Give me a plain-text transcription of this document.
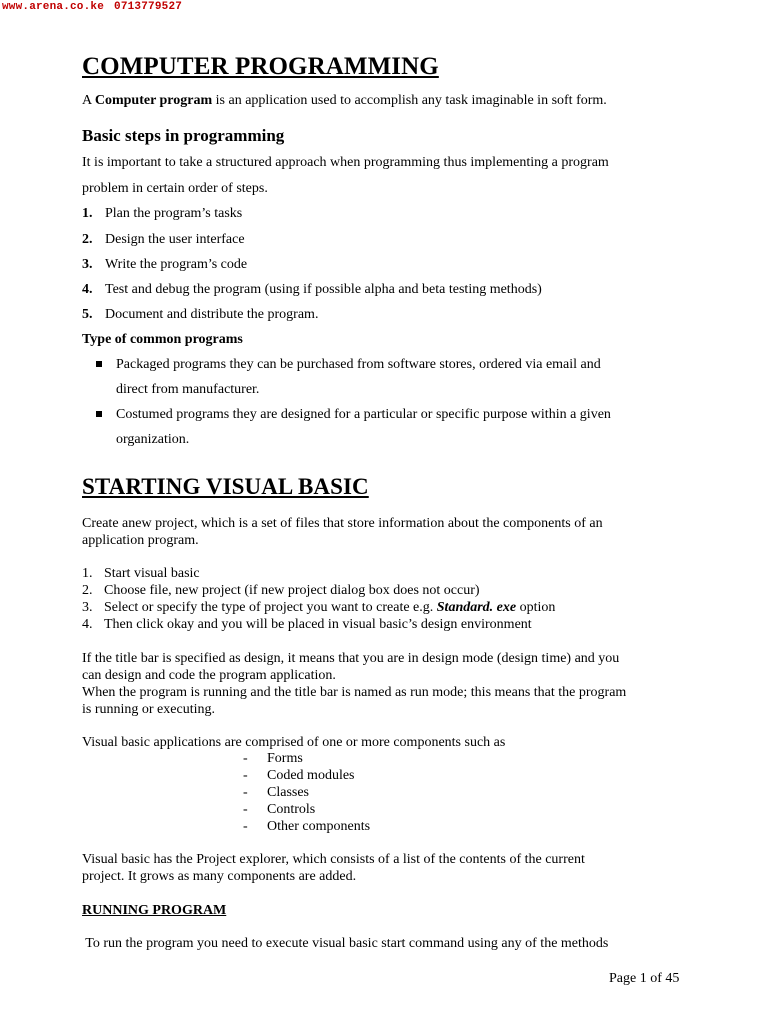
www.arena.co.ke 0713779527
COMPUTER PROGRAMMING
A Computer program is an application used to accomplish any task imaginable in soft form.
Basic steps in programming
It is important to take a structured approach when programming thus implementing a program
problem in certain order of steps.
1. Plan the program’s tasks
2. Design the user interface
3. Write the program’s code
4. Test and debug the program (using if possible alpha and beta testing methods)
5. Document and distribute the program.
Type of common programs
Packaged programs they can be purchased from software stores, ordered via email and
direct from manufacturer.
Costumed programs they are designed for a particular or specific purpose within a given
organization.
STARTING VISUAL BASIC
Create anew project, which is a set of files that store information about the components of an
application program.
1. Start visual basic
2. Choose file, new project (if new project dialog box does not occur)
3. Select or specify the type of project you want to create e.g. Standard. exe option
4. Then click okay and you will be placed in visual basic’s design environment
If the title bar is specified as design, it means that you are in design mode (design time) and you
can design and code the program application.
When the program is running and the title bar is named as run mode; this means that the program
is running or executing.
Visual basic applications are comprised of one or more components such as
- Forms
- Coded modules
- Classes
- Controls
- Other components
Visual basic has the Project explorer, which consists of a list of the contents of the current
project. It grows as many components are added.
RUNNING PROGRAM
To run the program you need to execute visual basic start command using any of the methods
Page 1 of 45
